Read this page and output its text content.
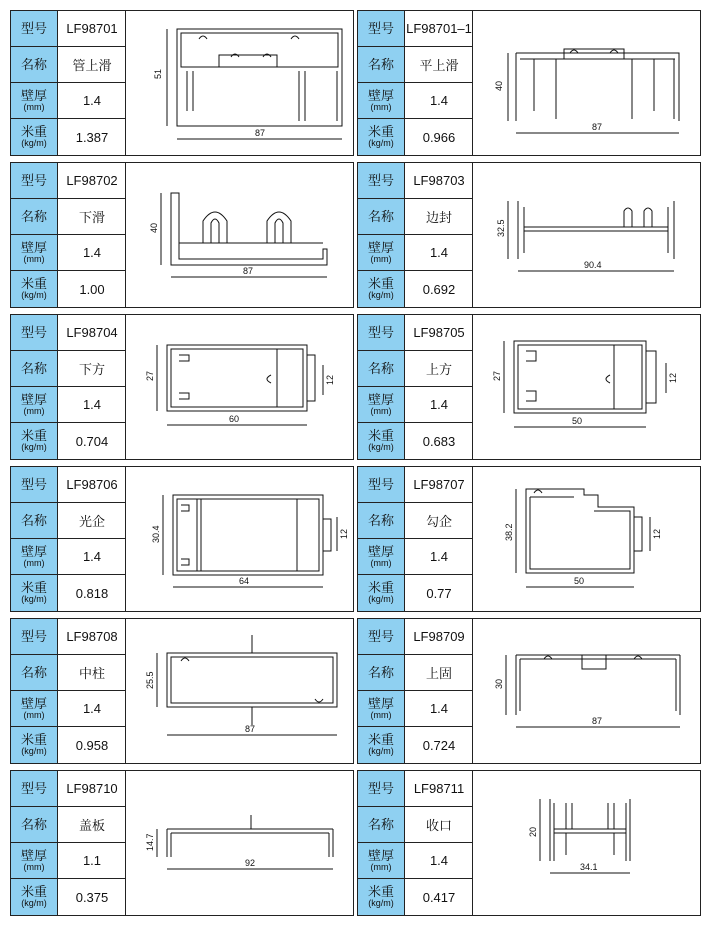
型号	LF98701
名称	管上滑
壁厚
(mm)	1.4
米重
(kg/m)	1.387
51
87
型号 LF98701–1
名称	平上滑
壁厚
(mm)	1.4
米重
(kg/m)	0.966
40
87
型号	LF98702
名称	下滑
壁厚
(mm)	1.4
米重
(kg/m)	1.00
40
87
型号	LF98703
名称	边封
壁厚
(mm)	1.4
米重
(kg/m)	0.692
32.5
90.4
型号	LF98704
名称	下方
壁厚
(mm)	1.4
米重
(kg/m)	0.704
27	12
60
型号	LF98705
名称	上方
壁厚
(mm)	1.4
米重
(kg/m)	0.683
27	12
50
型号	LF98706
名称	光企
壁厚
(mm)	1.4
米重
(kg/m)	0.818
30.4	12
64
型号	LF98707
名称	勾企
壁厚
(mm)	1.4
米重
(kg/m)	0.77
38.2	12
50
型号	LF98708
名称	中柱
壁厚
(mm)	1.4
米重
(kg/m)	0.958
25.5
87
型号	LF98709
名称	上固
壁厚
(mm)	1.4
米重
(kg/m)	0.724
30
87
型号	LF98710
名称	盖板
壁厚
(mm)	1.1
米重
(kg/m)	0.375
14.7
92
型号	LF98711
名称	收口
壁厚
(mm)	1.4
米重
(kg/m)	0.417
20
34.1
